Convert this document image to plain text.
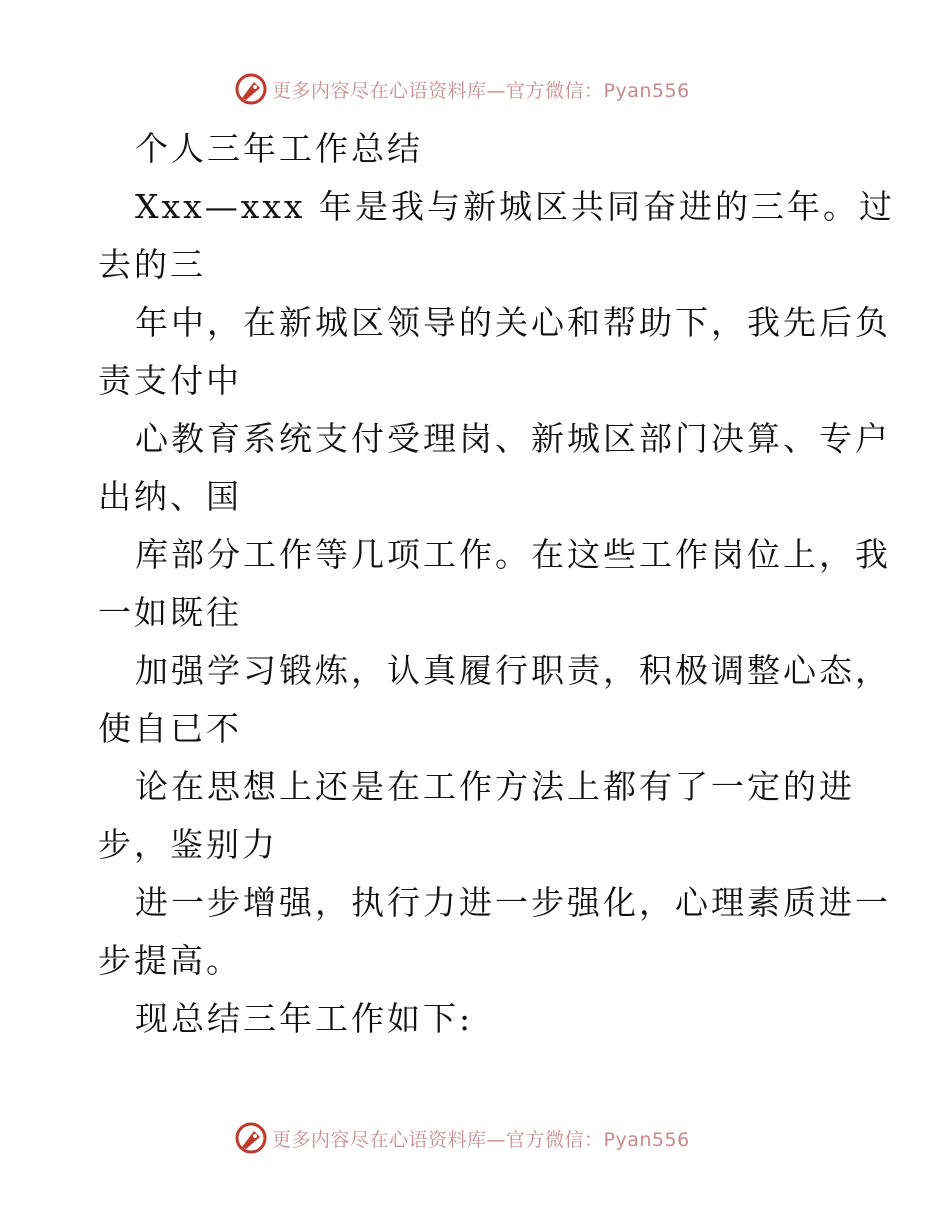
更多内容尽在心语资料库—官方微信：Pyan556
个人三年工作总结
Xxx—xxx 年是我与新城区共同奋进的三年。过
去的三
年中，在新城区领导的关心和帮助下，我先后负
责支付中
心教育系统支付受理岗、新城区部门决算、专户
出纳、国
库部分工作等几项工作。在这些工作岗位上，我
一如既往
加强学习锻炼，认真履行职责，积极调整心态，
使自已不
论在思想上还是在工作方法上都有了一定的进
步，鉴别力
进一步增强，执行力进一步强化，心理素质进一
步提高。
现总结三年工作如下:
更多内容尽在心语资料库—官方微信：Pyan556
